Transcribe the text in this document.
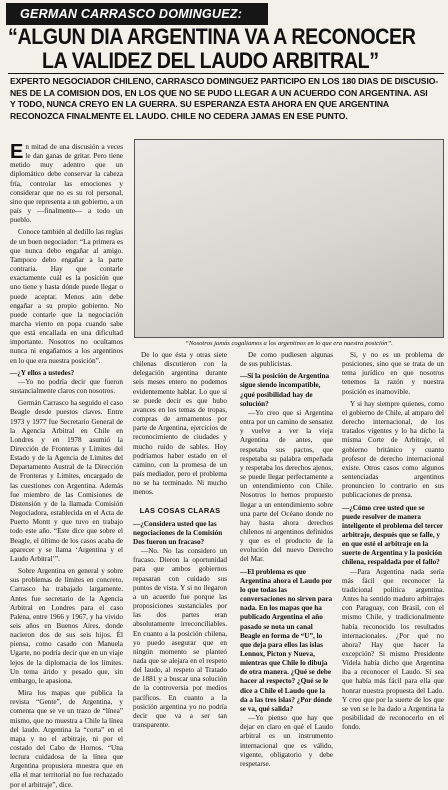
GERMAN CARRASCO DOMINGUEZ:
“ALGUN DIA ARGENTINA VA A RECONOCER
LA VALIDEZ DEL LAUDO ARBITRAL”
EXPERTO NEGOCIADOR CHILENO, CARRASCO DOMINGUEZ PARTICIPO EN LOS 180 DIAS DE DISCUSIO-
NES DE LA COMISION DOS, EN LOS QUE NO SE PUDO LLEGAR A UN ACUERDO CON ARGENTINA. ASI
Y TODO, NUNCA CREYO EN LA GUERRA. SU ESPERANZA ESTA AHORA EN QUE ARGENTINA
RECONOZCA FINALMENTE EL LAUDO. CHILE NO CEDERA JAMAS EN ESE PUNTO.

En mitad de una discusión a veces le dan ganas de gritar. Pero tiene metido muy adentro que un diplomático debe conservar la cabeza fría, controlar las emociones y considerar que no es su rol personal, sino que representa a un gobierno, a un país y —finalmente— a todo un pueblo.

Conoce también al dedillo las reglas de un buen negociador: “La primera es que nunca debo engañar al amigo. Tampoco debo engañar a la parte contraria. Hay que contarle exactamente cuál es la posición que uno tiene y hasta dónde puede llegar o puede aceptar. Menos aún debe engañar a su propio gobierno. No puede contarle que la negociación marcha viento en popa cuando sabe que está encallada en una dificultad importante. Nosotros no ocultamos nunca ni engañamos a los argentinos en lo que era nuestra posición”.

—¿Y ellos a ustedes?

—Yo no podría decir que fueron sustancialmente claros con nosotros.

Germán Carrasco ha seguido el caso Beagle desde puestos claves. Entre 1973 y 1977 fue Secretario General de la Agencia Arbitral en Chile en Londres y en 1978 asumió la Dirección de Fronteras y Límites del Estado y de la Agencia de Límites del Departamento Austral de la Dirección de Fronteras y Límites, encargado de las cuestiones con Argentina. Además fue miembro de las Comisiones de Distensión y de la llamada Comisión Negociadora, establecida en el Acta de Puerto Montt y que tuvo en trabajo todo este año. “Este dice que sobre el Beagle, el último de los casos acaba de aparecer y se llama ‘Argentina y el Laudo Arbitral’”.

Sobre Argentina en general y sobre sus problemas de límites en concreto, Carrasco ha trabajado largamente. Antes fue secretario de la Agencia Arbitral en Londres para el caso Palena, entre 1966 y 1967, y ha vivido seis años en Buenos Aires, donde nacieron dos de sus seis hijos. Él piensa, como casado con Manuela Ugarte, no podría decir que en un viaje lejos de la diplomacia de los límites. Un tema árido y pesado que, sin embargo, le apasiona.

Mira los mapas que publica la revista “Gente”, de Argentina, y comenta que se ve un trazo de “línea” mismo, que no muestra a Chile la línea del laudo. Argentina la “corta” en el mapa y no el arbitraje, ni por el costado del Cabo de Hornos. “Una lectura cuidadosa de la línea que Argentina propusiera muestra que en ella el mar territorial no fue rechazado por el arbitraje”, dice.

“Nosotros jamás cogaliamos a los argentinos en lo que era nuestra posición”.

De lo que ésta y otras siete chilenas discutieron con la delegación argentina durante seis meses entero no podemos evidentemente hablar. Lo que sí se puede decir es que hubo avances en los temas de tropas, compras de armamentos por parte de Argentina, ejercicios de reconocimiento de ciudades y mucho ruido de sables. Hoy podríamos haber estado en el camino, con la promesa de un país mediador, pero el problema no se ha terminado. Ni mucho menos.

LAS COSAS CLARAS

—¿Considera usted que las negociaciones de la Comisión Dos fueron un fracaso?

—No. No las considero un fracaso. Dieron la oportunidad para que ambos gobiernos repasaran con cuidado sus puntos de vista. Y si no llegaron a un acuerdo fue porque las proposiciones sustanciales por las dos partes eran absolutamente irreconciliables. En cuanto a la posición chilena, yo puedo asegurar que en ningún momento se planteó nada que se alejara en el respeto del laudo, al respeto al Tratado de 1881 y a buscar una solución de la controversia por medios pacíficos. En cuanto a la posición argentina yo no podría decir que va a ser tan transparente.

De como pudiesen algunas de sus publicistas.

—Si la posición de Argentina sigue siendo incompatible, ¿qué posibilidad hay de solución?

—Yo creo que si Argentina entra por un camino de sensatez y vuelve a ver la vieja Argentina de antes, que respetaba sus pactos, que respetaba su palabra empeñada y respetaba los derechos ajenos, se puede llegar perfectamente a un entendimiento con Chile. Nosotros lo hemos propuesto llegar a un entendimiento sobre una parte del Océano donde no hay hasta ahora derechos chilenos ni argentinos definidos y que es el producto de la evolución del nuevo Derecho del Mar.

—El problema es que Argentina ahora el Laudo por lo que todas las conversaciones no sirven para nada. En los mapas que ha publicado Argentina el año pasado se nota un canal Beagle en forma de “U”, lo que deja para ellos las islas Lennox, Picton y Nueva, mientras que Chile lo dibuja de otra manera. ¿Qué se debe hacer al respecto? ¿Qué se le dice a Chile el Laudo que la da a las tres islas? ¿Por dónde se va, qué salida?

—Yo pienso que hay que dejar en claro en qué el Laudo arbitral es un instrumento internacional que es válido, vigente, obligatorio y debe respetarse.

Si, y no es un problema de posiciones, sino que se trata de un tema jurídico en que nosotros tenemos la razón y nuestra posición es inamovible.

Y si hay siempre quienes, como el gobierno de Chile, al amparo del derecho internacional, de los tratados vigentes y lo ha dicho la misma Corte de Arbitraje, el gobierno británico y cuanto profesor de derecho internacional existe. Otros casos como algunos sentenciadas argentinos pronuncien lo contrario en sus publicaciones de prensa.

—¿Cómo cree usted que se puede resolver de manera inteligente el problema del tercer arbitraje, después que se falle, y en que esté el arbitraje en la suerte de Argentina y la posición chilena, respaldada por el fallo?

—Para Argentina nada sería más fácil que reconocer la tradicional política argentina. Antes ha sentido maduro arbitrajes con Paraguay, con Brasil, con el mismo Chile, y tradicionalmente había reconocido los resultados internacionales. ¿Por qué no ahora? Hay que hacer la excepción? Si mismo Presidente Videla había dicho que Argentina iba a reconocer el Laudo. Sí sea que había más fácil para ella que honrar nuestra propuesta del Lado. Y creo que por la suerte de los que se ven se le ha dado a Argentina la posibilidad de reconocerlo en el fondo.
